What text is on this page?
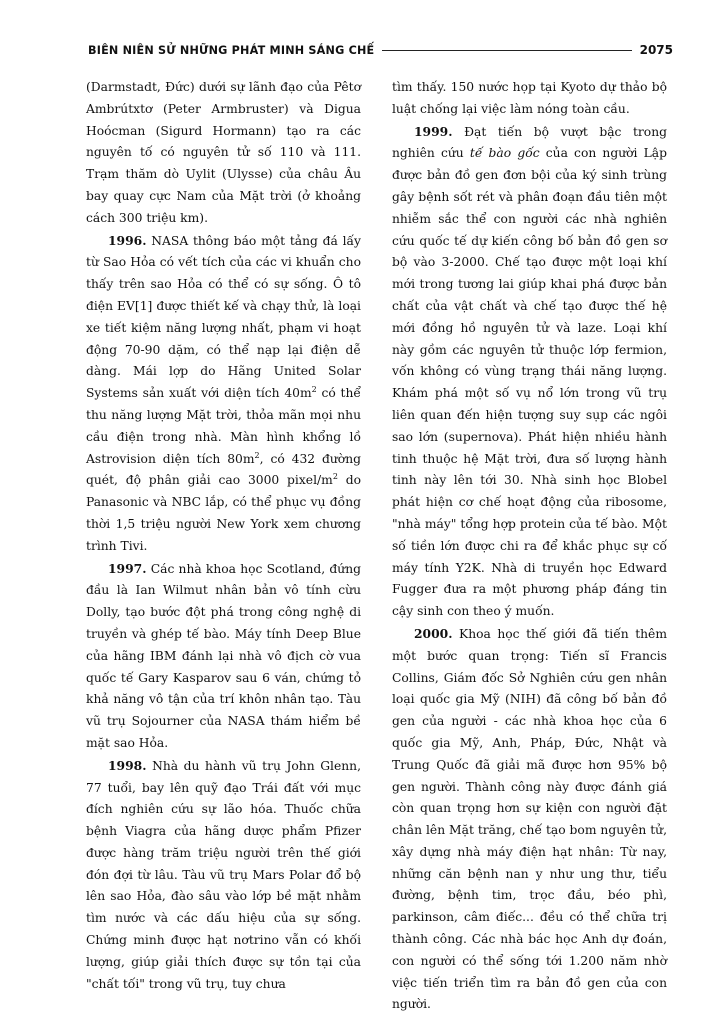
BIÊN NIÊN SỬ NHỮNG PHÁT MINH SÁNG CHẾ	2075

(Darmstadt, Đức) dưới sự lãnh đạo của Pêtơ Ambrútxtơ (Peter Armbruster) và Digua Hoócman (Sigurd Hormann) tạo ra các nguyên tố có nguyên tử số 110 và 111. Trạm thăm dò Uylit (Ulysse) của châu Âu bay quay cực Nam của Mặt trời (ở khoảng cách 300 triệu km).

1996. NASA thông báo một tảng đá lấy từ Sao Hỏa có vết tích của các vi khuẩn cho thấy trên sao Hỏa có thể có sự sống. Ô tô điện EV[1] được thiết kế và chạy thử, là loại xe tiết kiệm năng lượng nhất, phạm vi hoạt động 70-90 dặm, có thể nạp lại điện dễ dàng. Mái lợp do Hãng United Solar Systems sản xuất với diện tích $40m^2$ có thể thu năng lượng Mặt trời, thỏa mãn mọi nhu cầu điện trong nhà. Màn hình khổng lồ Astrovision diện tích $80m^2$, có 432 đường quét, độ phân giải cao 3000 pixel/$m^2$ do Panasonic và NBC lắp, có thể phục vụ đồng thời 1,5 triệu người New York xem chương trình Tivi.

1997. Các nhà khoa học Scotland, đứng đầu là Ian Wilmut nhân bản vô tính cừu Dolly, tạo bước đột phá trong công nghệ di truyền và ghép tế bào. Máy tính Deep Blue của hãng IBM đánh lại nhà vô địch cờ vua quốc tế Gary Kasparov sau 6 ván, chứng tỏ khả năng vô tận của trí khôn nhân tạo. Tàu vũ trụ Sojourner của NASA thám hiểm bề mặt sao Hỏa.

1998. Nhà du hành vũ trụ John Glenn, 77 tuổi, bay lên quỹ đạo Trái đất với mục đích nghiên cứu sự lão hóa. Thuốc chữa bệnh Viagra của hãng dược phẩm Pfizer được hàng trăm triệu người trên thế giới đón đợi từ lâu. Tàu vũ trụ Mars Polar đổ bộ lên sao Hỏa, đào sâu vào lớp bề mặt nhằm tìm nước và các dấu hiệu của sự sống. Chứng minh được hạt nơtrino vẫn có khối lượng, giúp giải thích được sự tồn tại của "chất tối" trong vũ trụ, tuy chưa

tìm thấy. 150 nước họp tại Kyoto dự thảo bộ luật chống lại việc làm nóng toàn cầu.

1999. Đạt tiến bộ vượt bậc trong nghiên cứu tế bào gốc của con người Lập được bản đồ gen đơn bội của ký sinh trùng gây bệnh sốt rét và phân đoạn đầu tiên một nhiễm sắc thể con người các nhà nghiên cứu quốc tế dự kiến công bố bản đồ gen sơ bộ vào 3-2000. Chế tạo được một loại khí mới trong tương lai giúp khai phá được bản chất của vật chất và chế tạo được thế hệ mới đồng hồ nguyên tử và laze. Loại khí này gồm các nguyên tử thuộc lớp fermion, vốn không có vùng trạng thái năng lượng. Khám phá một số vụ nổ lớn trong vũ trụ liên quan đến hiện tượng suy sụp các ngôi sao lớn (supernova). Phát hiện nhiều hành tinh thuộc hệ Mặt trời, đưa số lượng hành tinh này lên tới 30. Nhà sinh học Blobel phát hiện cơ chế hoạt động của ribosome, "nhà máy" tổng hợp protein của tế bào. Một số tiền lớn được chi ra để khắc phục sự cố máy tính Y2K. Nhà di truyền học Edward Fugger đưa ra một phương pháp đáng tin cậy sinh con theo ý muốn.

2000. Khoa học thế giới đã tiến thêm một bước quan trọng: Tiến sĩ Francis Collins, Giám đốc Sở Nghiên cứu gen nhân loại quốc gia Mỹ (NIH) đã công bố bản đồ gen của người - các nhà khoa học của 6 quốc gia Mỹ, Anh, Pháp, Đức, Nhật và Trung Quốc đã giải mã được hơn 95% bộ gen người. Thành công này được đánh giá còn quan trọng hơn sự kiện con người đặt chân lên Mặt trăng, chế tạo bom nguyên tử, xây dựng nhà máy điện hạt nhân: Từ nay, những căn bệnh nan y như ung thư, tiểu đường, bệnh tim, trọc đầu, béo phì, parkinson, câm điếc... đều có thể chữa trị thành công. Các nhà bác học Anh dự đoán, con người có thể sống tới 1.200 năm nhờ việc tiến triển tìm ra bản đồ gen của con người.
